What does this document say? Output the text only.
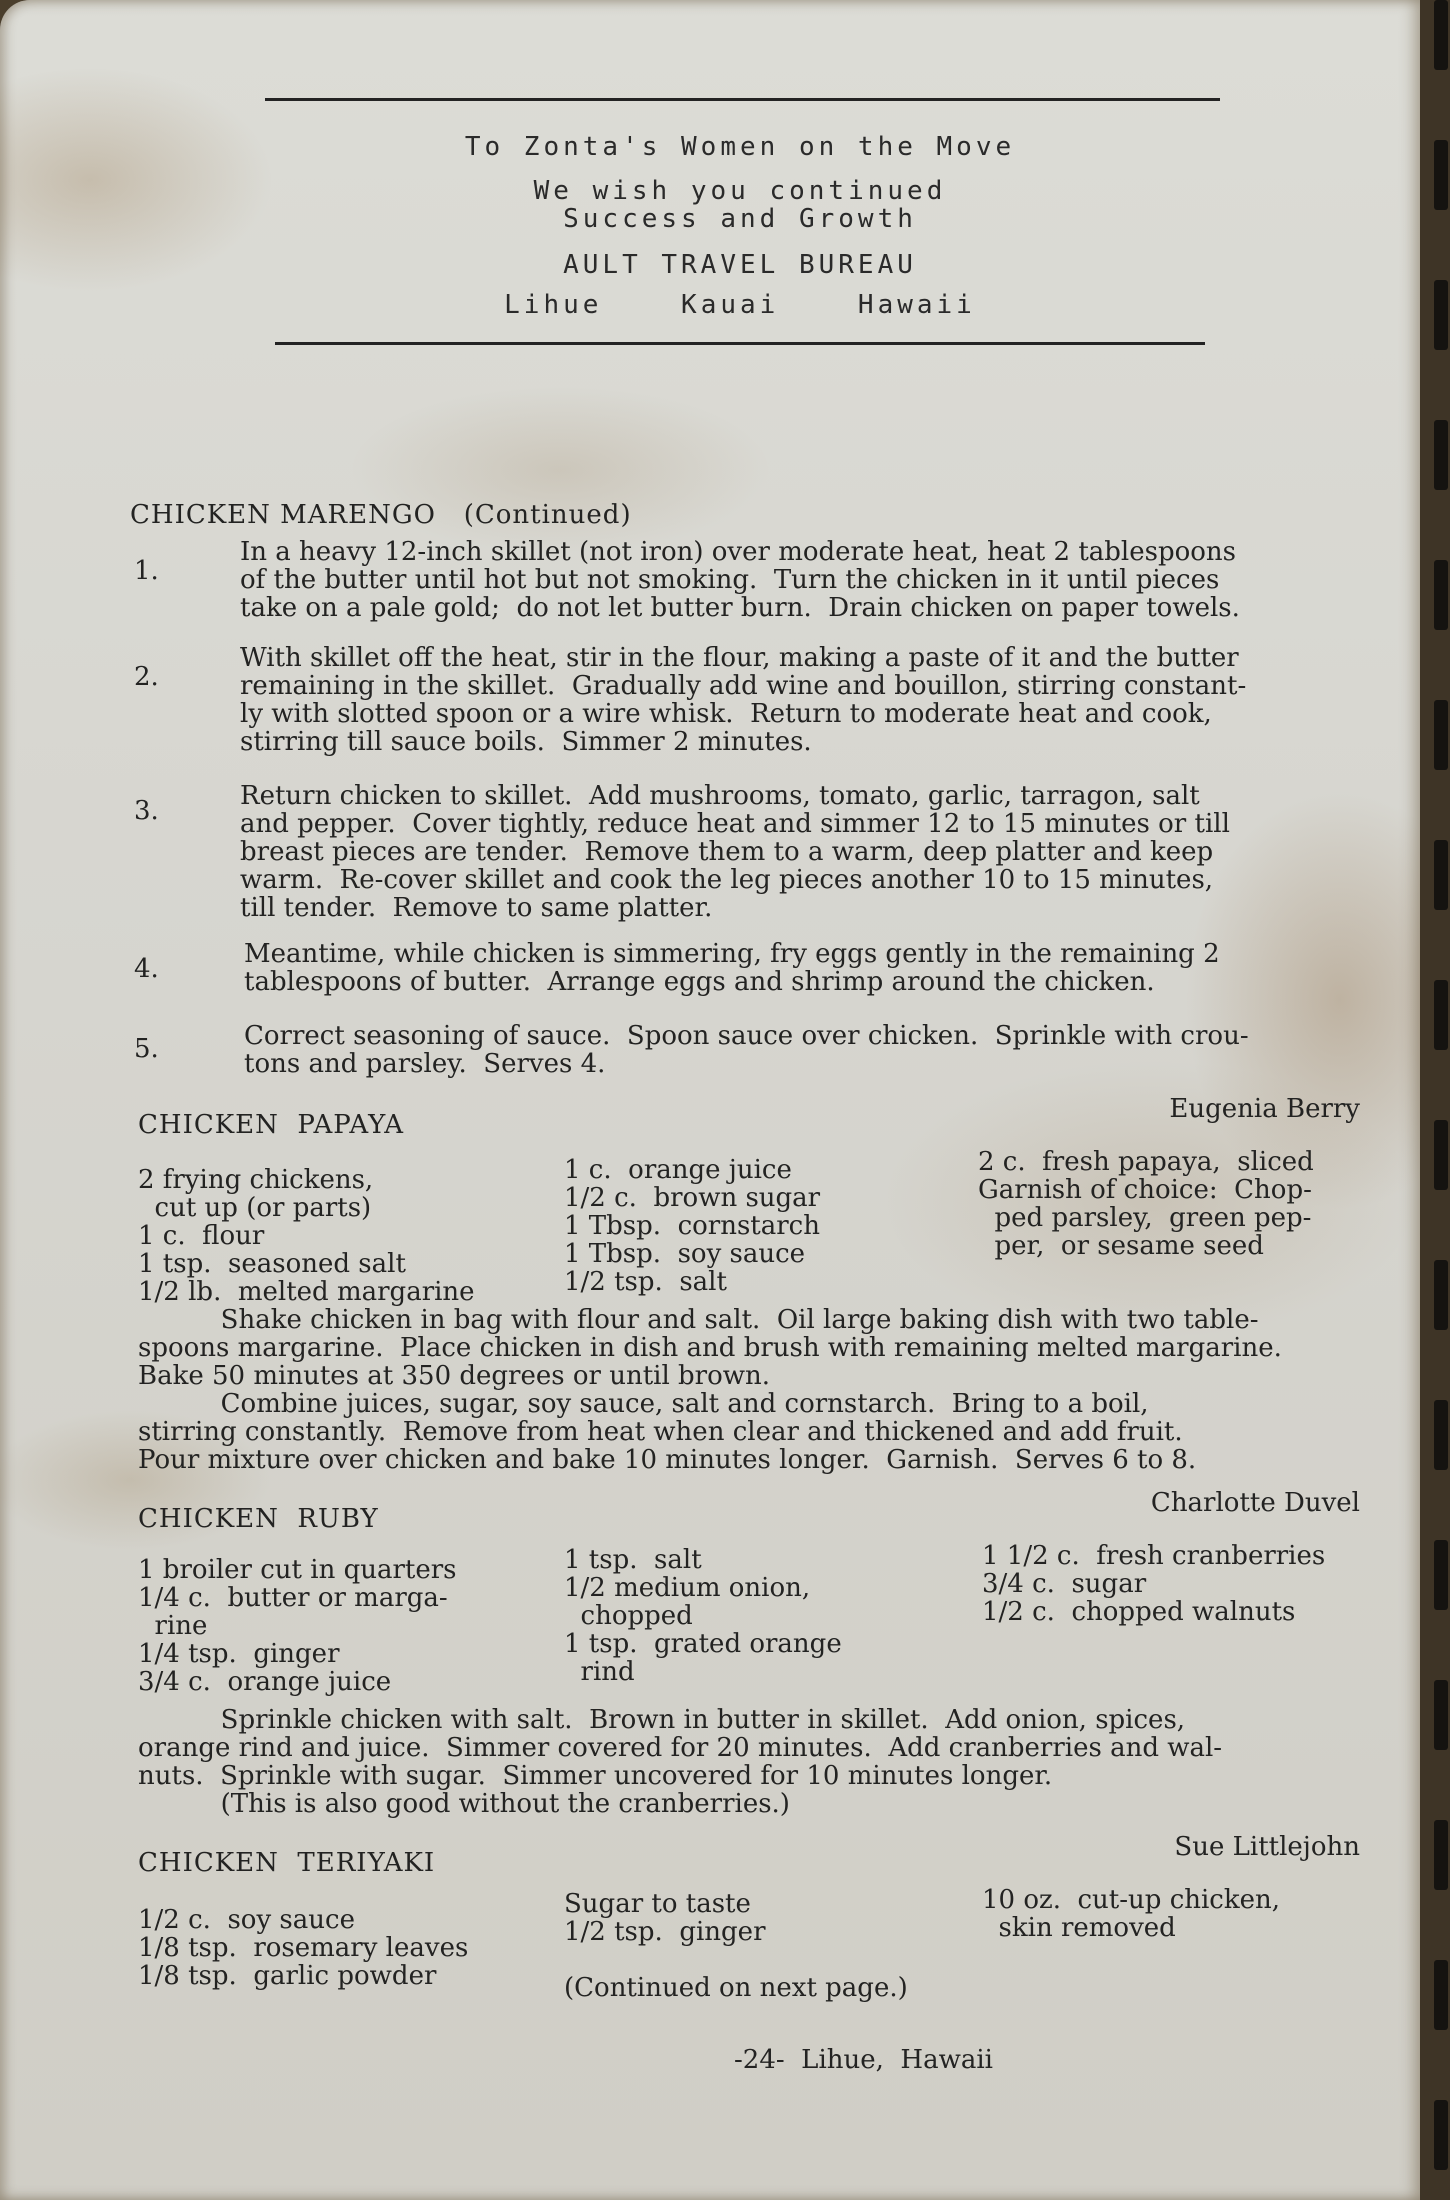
To Zonta's Women on the Move
We wish you continued
Success and Growth
AULT TRAVEL BUREAU
Lihue    Kauai    Hawaii
CHICKEN MARENGO   (Continued)
1.
In a heavy 12-inch skillet (not iron) over moderate heat, heat 2 tablespoons
of the butter until hot but not smoking.  Turn the chicken in it until pieces
take on a pale gold;  do not let butter burn.  Drain chicken on paper towels.
2.
With skillet off the heat, stir in the flour, making a paste of it and the butter
remaining in the skillet.  Gradually add wine and bouillon, stirring constant-
ly with slotted spoon or a wire whisk.  Return to moderate heat and cook,
stirring till sauce boils.  Simmer 2 minutes.
3.	Return chicken to skillet.  Add mushrooms, tomato, garlic, tarragon, salt
and pepper.  Cover tightly, reduce heat and simmer 12 to 15 minutes or till
breast pieces are tender.  Remove them to a warm, deep platter and keep
warm.  Re-cover skillet and cook the leg pieces another 10 to 15 minutes,
till tender.  Remove to same platter.
4.	Meantime, while chicken is simmering, fry eggs gently in the remaining 2
tablespoons of butter.  Arrange eggs and shrimp around the chicken.
5.	Correct seasoning of sauce.  Spoon sauce over chicken.  Sprinkle with crou-
tons and parsley.  Serves 4.
CHICKEN  PAPAYA
Eugenia Berry
2 frying chickens,
cut up (or parts)
1 c.  flour
1 tsp.  seasoned salt
1/2 lb.  melted margarine
1 c.  orange juice
1/2 c.  brown sugar
1 Tbsp.  cornstarch
1 Tbsp.  soy sauce
1/2 tsp.  salt
2 c.  fresh papaya,  sliced
Garnish of choice:  Chop-
ped parsley,  green pep-
per,  or sesame seed
Shake chicken in bag with flour and salt.  Oil large baking dish with two table-
spoons margarine.  Place chicken in dish and brush with remaining melted margarine.
Bake 50 minutes at 350 degrees or until brown.
Combine juices, sugar, soy sauce, salt and cornstarch.  Bring to a boil,
stirring constantly.  Remove from heat when clear and thickened and add fruit.
Pour mixture over chicken and bake 10 minutes longer.  Garnish.  Serves 6 to 8.
CHICKEN  RUBY
Charlotte Duvel
1 broiler cut in quarters
1/4 c.  butter or marga-
rine
1/4 tsp.  ginger
3/4 c.  orange juice
1 tsp.  salt
1/2 medium onion,
chopped
1 tsp.  grated orange
rind
1 1/2 c.  fresh cranberries
3/4 c.  sugar
1/2 c.  chopped walnuts
Sprinkle chicken with salt.  Brown in butter in skillet.  Add onion, spices,
orange rind and juice.  Simmer covered for 20 minutes.  Add cranberries and wal-
nuts.  Sprinkle with sugar.  Simmer uncovered for 10 minutes longer.
(This is also good without the cranberries.)
CHICKEN  TERIYAKI
Sue Littlejohn
1/2 c.  soy sauce
1/8 tsp.  rosemary leaves
1/8 tsp.  garlic powder
Sugar to taste
1/2 tsp.  ginger

(Continued on next page.)
10 oz.  cut-up chicken,
skin removed
-24-  Lihue,  Hawaii
